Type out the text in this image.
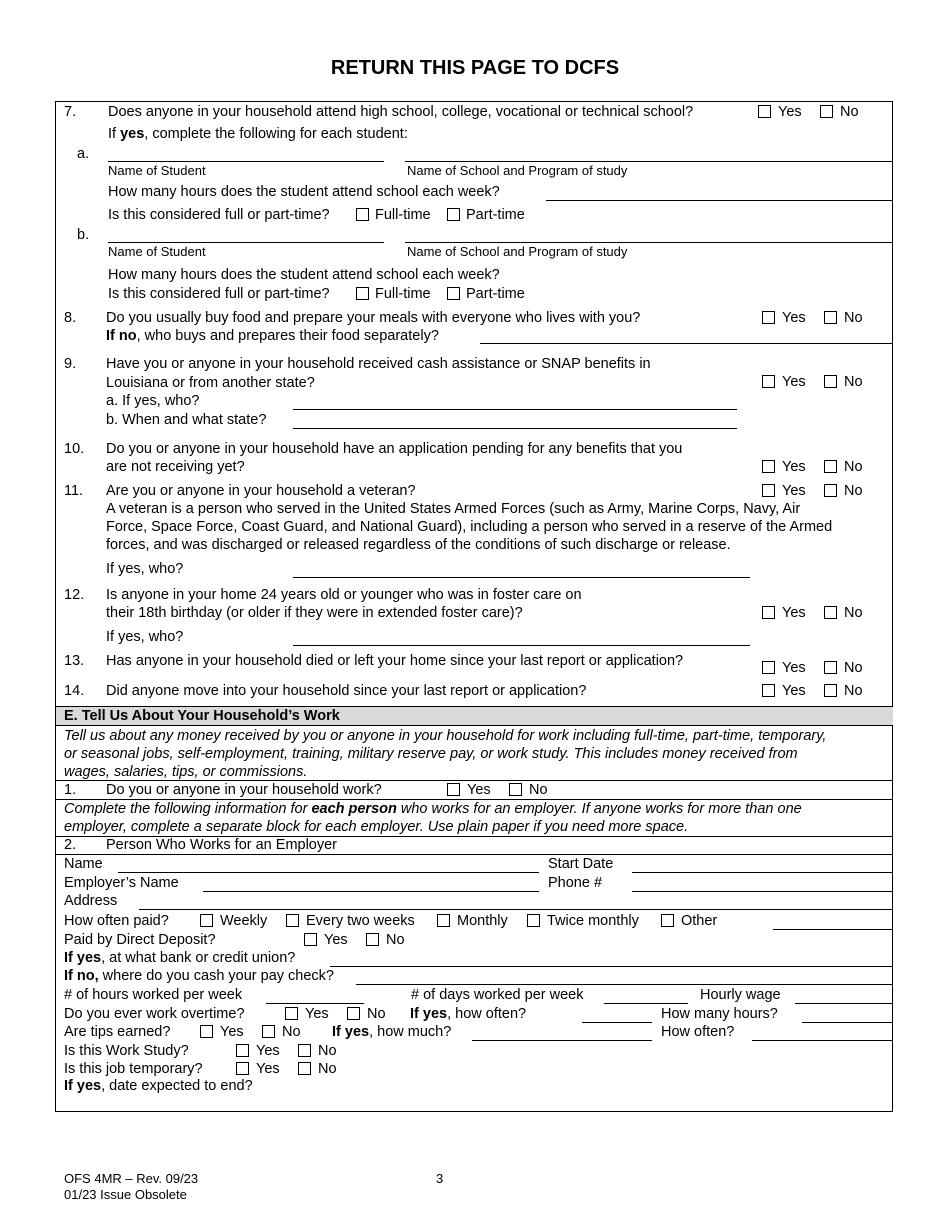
RETURN THIS PAGE TO DCFS
7. Does anyone in your household attend high school, college, vocational or technical school?	Yes	No
If yes, complete the following for each student:
a.
Name of Student	Name of School and Program of study
How many hours does the student attend school each week?
Is this considered full or part-time?	Full-time Part-time
b.
Name of Student	Name of School and Program of study
How many hours does the student attend school each week?
Is this considered full or part-time?	Full-time Part-time
8. Do you usually buy food and prepare your meals with everyone who lives with you?	Yes	No
If no, who buys and prepares their food separately?
9. Have you or anyone in your household received cash assistance or SNAP benefits in
Louisiana or from another state?	Yes	No
a. If yes, who?
b. When and what state?
10. Do you or anyone in your household have an application pending for any benefits that you
are not receiving yet?	Yes	No
11. Are you or anyone in your household a veteran?	Yes	No
A veteran is a person who served in the United States Armed Forces (such as Army, Marine Corps, Navy, Air
Force, Space Force, Coast Guard, and National Guard), including a person who served in a reserve of the Armed
forces, and was discharged or released regardless of the conditions of such discharge or release.
If yes, who?
12. Is anyone in your home 24 years old or younger who was in foster care on
their 18th birthday (or older if they were in extended foster care)?	Yes	No
If yes, who?
13. Has anyone in your household died or left your home since your last report or application?	Yes	No
14. Did anyone move into your household since your last report or application?	Yes	No
E. Tell Us About Your Household’s Work
Tell us about any money received by you or anyone in your household for work including full-time, part-time, temporary,
or seasonal jobs, self-employment, training, military reserve pay, or work study. This includes money received from
wages, salaries, tips, or commissions.
1. Do you or anyone in your household work?	Yes	No
Complete the following information for each person who works for an employer. If anyone works for more than one
employer, complete a separate block for each employer. Use plain paper if you need more space.
2. Person Who Works for an Employer
Name	Start Date
Employer’s Name	Phone #
Address
How often paid?	Weekly	Every two weeks	Monthly	Twice monthly	Other
Paid by Direct Deposit?	Yes	No
If yes, at what bank or credit union?
If no, where do you cash your pay check?
# of hours worked per week	# of days worked per week	Hourly wage
Do you ever work overtime?	Yes	No If yes, how often?	How many hours?
Are tips earned?	Yes	No If yes, how much?	How often?
Is this Work Study?	Yes	No
Is this job temporary?	Yes	No
If yes, date expected to end?
OFS 4MR – Rev. 09/23	3
01/23 Issue Obsolete
